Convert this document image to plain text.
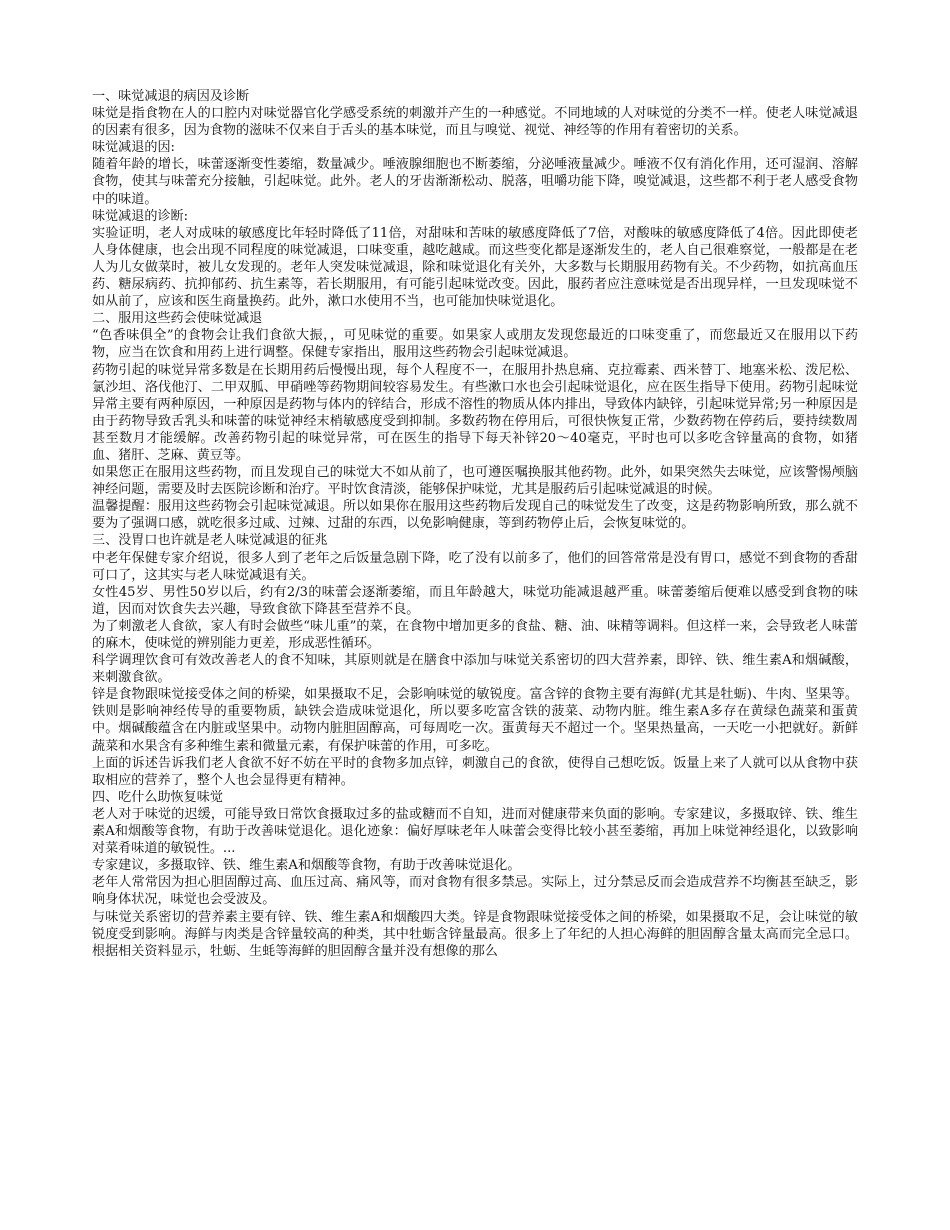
一、味觉减退的病因及诊断

味觉是指食物在人的口腔内对味觉器官化学感受系统的刺激并产生的一种感觉。不同地域的人对味觉的分类不一样。使老人味觉减退的因素有很多，因为食物的滋味不仅来自于舌头的基本味觉，而且与嗅觉、视觉、神经等的作用有着密切的关系。

味觉减退的因:

随着年龄的增长，味蕾逐渐变性萎缩，数量减少。唾液腺细胞也不断萎缩，分泌唾液量减少。唾液不仅有消化作用，还可湿润、溶解食物，使其与味蕾充分接触，引起味觉。此外。老人的牙齿渐渐松动、脱落，咀嚼功能下降，嗅觉减退，这些都不利于老人感受食物中的味道。

味觉减退的诊断:

实验证明，老人对成味的敏感度比年轻时降低了11倍，对甜味和苦味的敏感度降低了7倍，对酸味的敏感度降低了4倍。因此即使老人身体健康，也会出现不同程度的味觉减退，口味变重，越吃越咸。而这些变化都是逐渐发生的，老人自己很难察觉，一般都是在老人为儿女做菜时，被儿女发现的。老年人突发味觉减退，除和味觉退化有关外，大多数与长期服用药物有关。不少药物，如抗高血压药、糖尿病药、抗抑郁药、抗生素等，若长期服用，有可能引起味觉改变。因此，服药者应注意味觉是否出现异样，一旦发现味觉不如从前了，应该和医生商量换药。此外，漱口水使用不当，也可能加快味觉退化。

二、服用这些药会使味觉减退

“色香味俱全”的食物会让我们食欲大振，，可见味觉的重要。如果家人或朋友发现您最近的口味变重了，而您最近又在服用以下药物，应当在饮食和用药上进行调整。保健专家指出，服用这些药物会引起味觉减退。

药物引起的味觉异常多数是在长期用药后慢慢出现，每个人程度不一，在服用扑热息痛、克拉霉素、西米替丁、地塞米松、泼尼松、氯沙坦、洛伐他汀、二甲双胍、甲硝唑等药物期间较容易发生。有些漱口水也会引起味觉退化，应在医生指导下使用。药物引起味觉异常主要有两种原因，一种原因是药物与体内的锌结合，形成不溶性的物质从体内排出，导致体内缺锌，引起味觉异常;另一种原因是由于药物导致舌乳头和味蕾的味觉神经末梢敏感度受到抑制。多数药物在停用后，可很快恢复正常，少数药物在停药后，要持续数周甚至数月才能缓解。改善药物引起的味觉异常，可在医生的指导下每天补锌20～40毫克，平时也可以多吃含锌量高的食物，如猪血、猪肝、芝麻、黄豆等。

如果您正在服用这些药物，而且发现自己的味觉大不如从前了，也可遵医嘱换服其他药物。此外，如果突然失去味觉，应该警惕颅脑神经问题，需要及时去医院诊断和治疗。平时饮食清淡，能够保护味觉，尤其是服药后引起味觉减退的时候。

温馨提醒：服用这些药物会引起味觉减退。所以如果你在服用这些药物后发现自己的味觉发生了改变，这是药物影响所致，那么就不要为了强调口感，就吃很多过咸、过辣、过甜的东西，以免影响健康，等到药物停止后，会恢复味觉的。

三、没胃口也许就是老人味觉减退的征兆

中老年保健专家介绍说，很多人到了老年之后饭量急剧下降，吃了没有以前多了，他们的回答常常是没有胃口，感觉不到食物的香甜可口了，这其实与老人味觉减退有关。

女性45岁、男性50岁以后，约有2/3的味蕾会逐渐萎缩，而且年龄越大，味觉功能减退越严重。味蕾萎缩后便难以感受到食物的味道，因而对饮食失去兴趣，导致食欲下降甚至营养不良。

为了刺激老人食欲，家人有时会做些“味儿重”的菜，在食物中增加更多的食盐、糖、油、味精等调料。但这样一来，会导致老人味蕾的麻木，使味觉的辨别能力更差，形成恶性循环。

科学调理饮食可有效改善老人的食不知味，其原则就是在膳食中添加与味觉关系密切的四大营养素，即锌、铁、维生素A和烟碱酸，来刺激食欲。

锌是食物跟味觉接受体之间的桥梁，如果摄取不足，会影响味觉的敏锐度。富含锌的食物主要有海鲜(尤其是牡蛎)、牛肉、坚果等。铁则是影响神经传导的重要物质，缺铁会造成味觉退化，所以要多吃富含铁的菠菜、动物内脏。维生素A多存在黄绿色蔬菜和蛋黄中。烟碱酸蕴含在内脏或坚果中。动物内脏胆固醇高，可每周吃一次。蛋黄每天不超过一个。坚果热量高，一天吃一小把就好。新鲜蔬菜和水果含有多种维生素和微量元素，有保护味蕾的作用，可多吃。

上面的诉述告诉我们老人食欲不好不妨在平时的食物多加点锌，刺激自己的食欲，使得自己想吃饭。饭量上来了人就可以从食物中获取相应的营养了，整个人也会显得更有精神。

四、吃什么助恢复味觉

老人对于味觉的迟缓，可能导致日常饮食摄取过多的盐或糖而不自知，进而对健康带来负面的影响。专家建议，多摄取锌、铁、维生素A和烟酸等食物，有助于改善味觉退化。退化迹象：偏好厚味老年人味蕾会变得比较小甚至萎缩，再加上味觉神经退化，以致影响对菜肴味道的敏锐性。...

专家建议，多摄取锌、铁、维生素A和烟酸等食物，有助于改善味觉退化。

老年人常常因为担心胆固醇过高、血压过高、痛风等，而对食物有很多禁忌。实际上，过分禁忌反而会造成营养不均衡甚至缺乏，影响身体状况，味觉也会受波及。

与味觉关系密切的营养素主要有锌、铁、维生素A和烟酸四大类。锌是食物跟味觉接受体之间的桥梁，如果摄取不足，会让味觉的敏锐度受到影响。海鲜与肉类是含锌量较高的种类，其中牡蛎含锌量最高。很多上了年纪的人担心海鲜的胆固醇含量太高而完全忌口。根据相关资料显示，牡蛎、生蚝等海鲜的胆固醇含量并没有想像的那么
